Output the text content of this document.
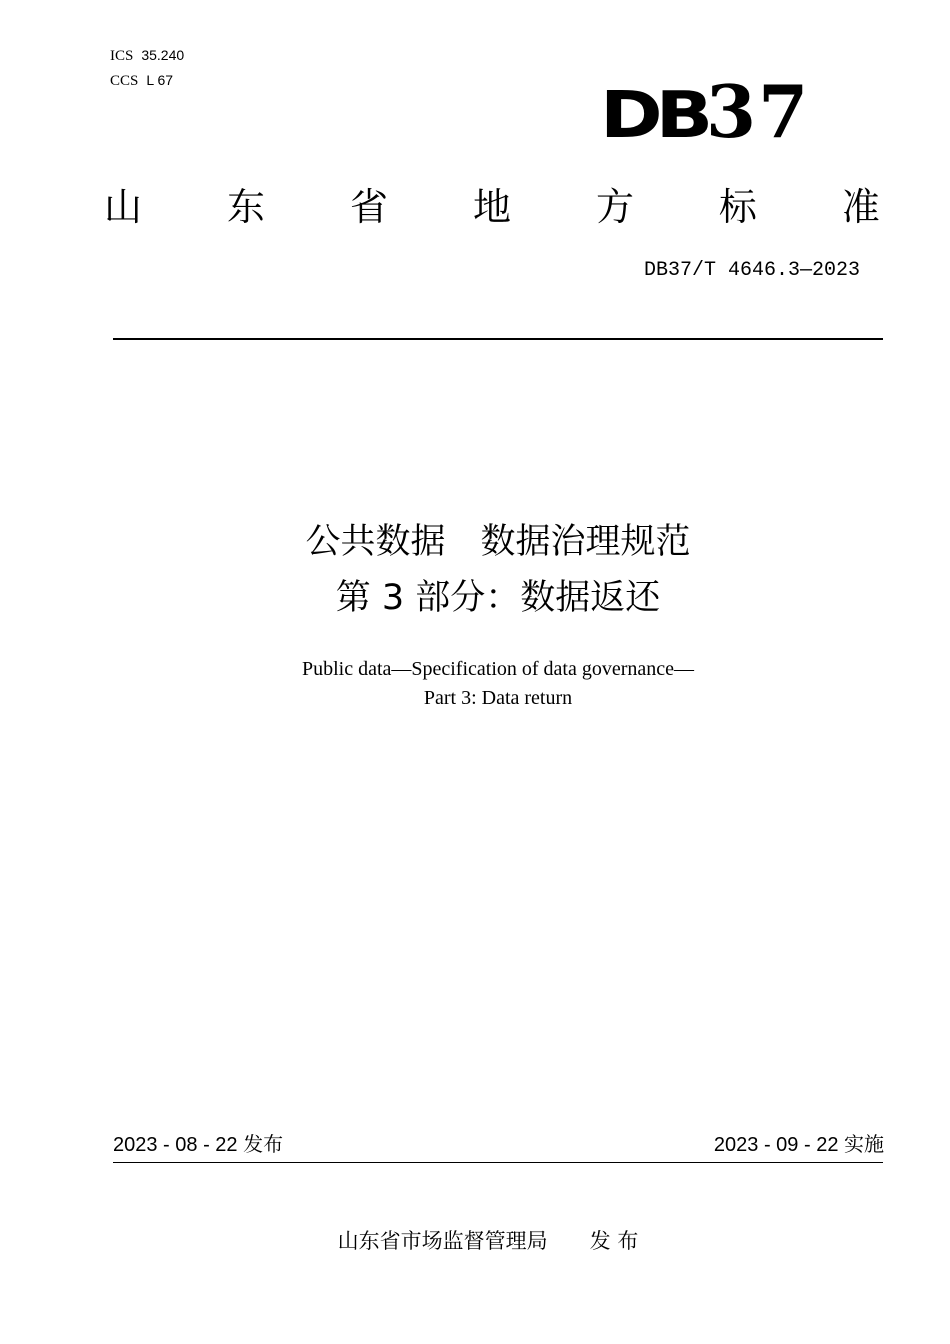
ICS 35.240
CCS L 67	DB 37
山 东 省 地 方 标 准
DB37/T 4646.3—2023
公共数据　数据治理规范
第 3 部分：数据返还
Public data—Specification of data governance—
Part 3: Data return
2023 - 08 - 22 发布	2023 - 09 - 22 实施
山东省市场监督管理局　　发 布
